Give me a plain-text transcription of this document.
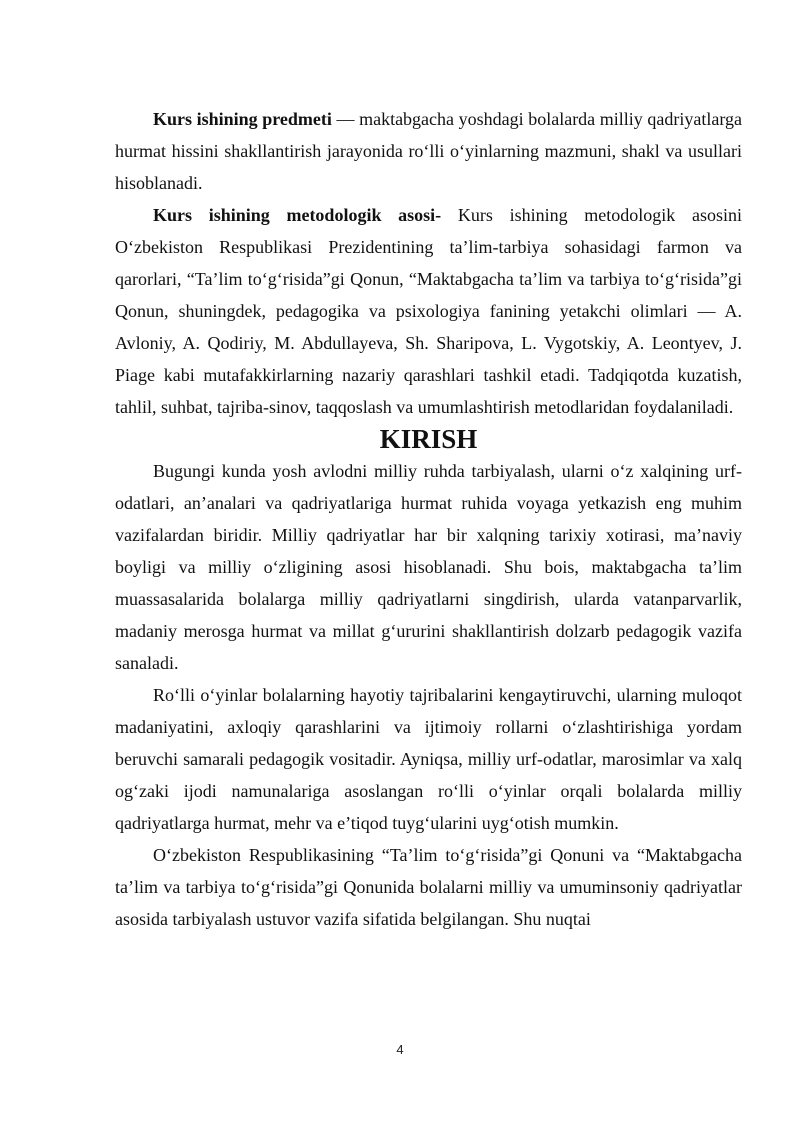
Kurs ishining predmeti — maktabgacha yoshdagi bolalarda milliy qadriyatlarga hurmat hissini shakllantirish jarayonida ro‘lli o‘yinlarning mazmuni, shakl va usullari hisoblanadi.

Kurs ishining metodologik asosi- Kurs ishining metodologik asosini O‘zbekiston Respublikasi Prezidentining ta’lim-tarbiya sohasidagi farmon va qarorlari, “Ta’lim to‘g‘risida”gi Qonun, “Maktabgacha ta’lim va tarbiya to‘g‘risida”gi Qonun, shuningdek, pedagogika va psixologiya fanining yetakchi olimlari — A. Avloniy, A. Qodiriy, M. Abdullayeva, Sh. Sharipova, L. Vygotskiy, A. Leontyev, J. Piage kabi mutafakkirlarning nazariy qarashlari tashkil etadi. Tadqiqotda kuzatish, tahlil, suhbat, tajriba-sinov, taqqoslash va umumlashtirish metodlaridan foydalaniladi.

KIRISH

Bugungi kunda yosh avlodni milliy ruhda tarbiyalash, ularni o‘z xalqining urf-odatlari, an’analari va qadriyatlariga hurmat ruhida voyaga yetkazish eng muhim vazifalardan biridir. Milliy qadriyatlar har bir xalqning tarixiy xotirasi, ma’naviy boyligi va milliy o‘zligining asosi hisoblanadi. Shu bois, maktabgacha ta’lim muassasalarida bolalarga milliy qadriyatlarni singdirish, ularda vatanparvarlik, madaniy merosga hurmat va millat g‘ururini shakllantirish dolzarb pedagogik vazifa sanaladi.

Ro‘lli o‘yinlar bolalarning hayotiy tajribalarini kengaytiruvchi, ularning muloqot madaniyatini, axloqiy qarashlarini va ijtimoiy rollarni o‘zlashtirishiga yordam beruvchi samarali pedagogik vositadir. Ayniqsa, milliy urf-odatlar, marosimlar va xalq og‘zaki ijodi namunalariga asoslangan ro‘lli o‘yinlar orqali bolalarda milliy qadriyatlarga hurmat, mehr va e’tiqod tuyg‘ularini uyg‘otish mumkin.

O‘zbekiston Respublikasining “Ta’lim to‘g‘risida”gi Qonuni va “Maktabgacha ta’lim va tarbiya to‘g‘risida”gi Qonunida bolalarni milliy va umuminsoniy qadriyatlar asosida tarbiyalash ustuvor vazifa sifatida belgilangan. Shu nuqtai

4
